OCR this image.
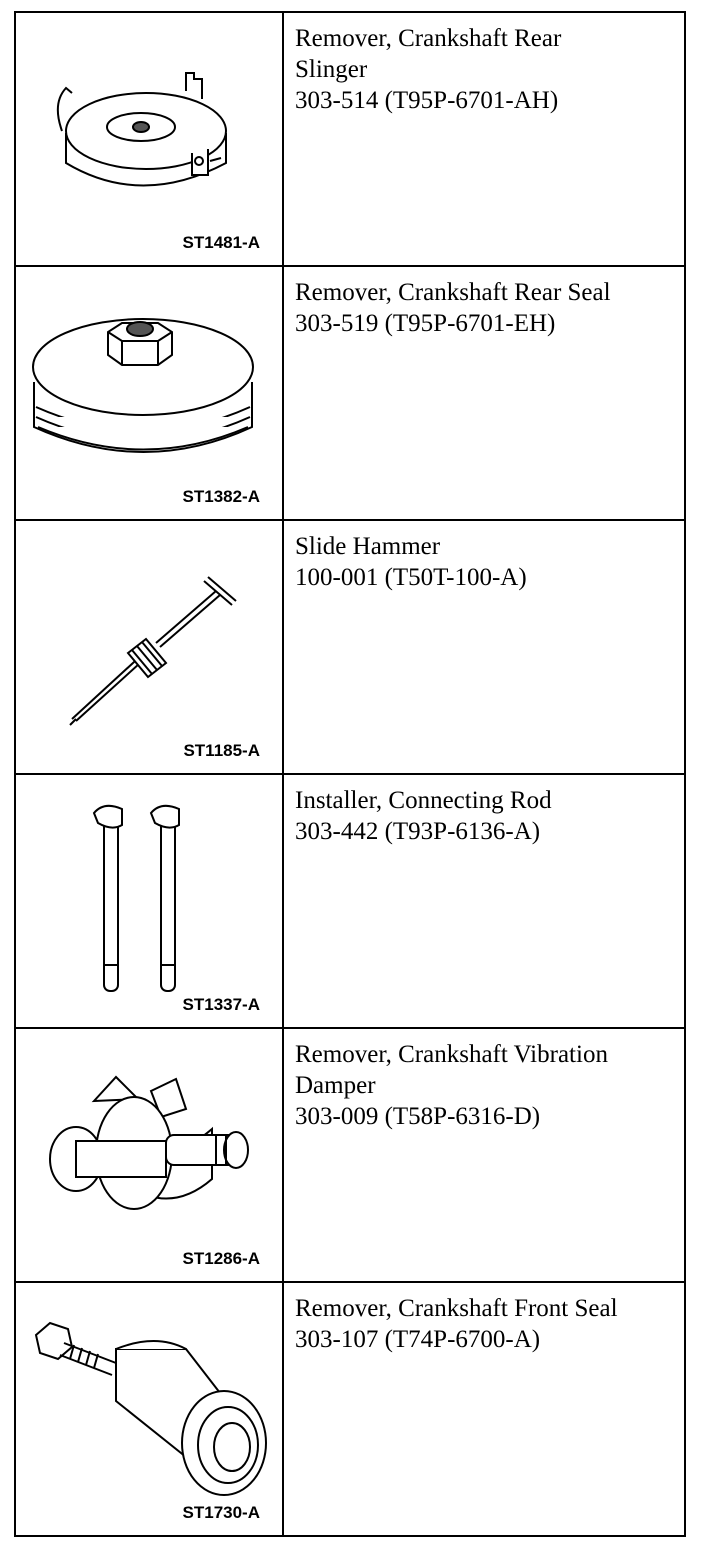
ST1481-A	Remover, Crankshaft Rear
Slinger
303-514 (T95P-6701-AH)

ST1382-A	Remover, Crankshaft Rear Seal
303-519 (T95P-6701-EH)

ST1185-A	Slide Hammer
100-001 (T50T-100-A)

ST1337-A	Installer, Connecting Rod
303-442 (T93P-6136-A)

ST1286-A	Remover, Crankshaft Vibration
Damper
303-009 (T58P-6316-D)

ST1730-A	Remover, Crankshaft Front Seal
303-107 (T74P-6700-A)
